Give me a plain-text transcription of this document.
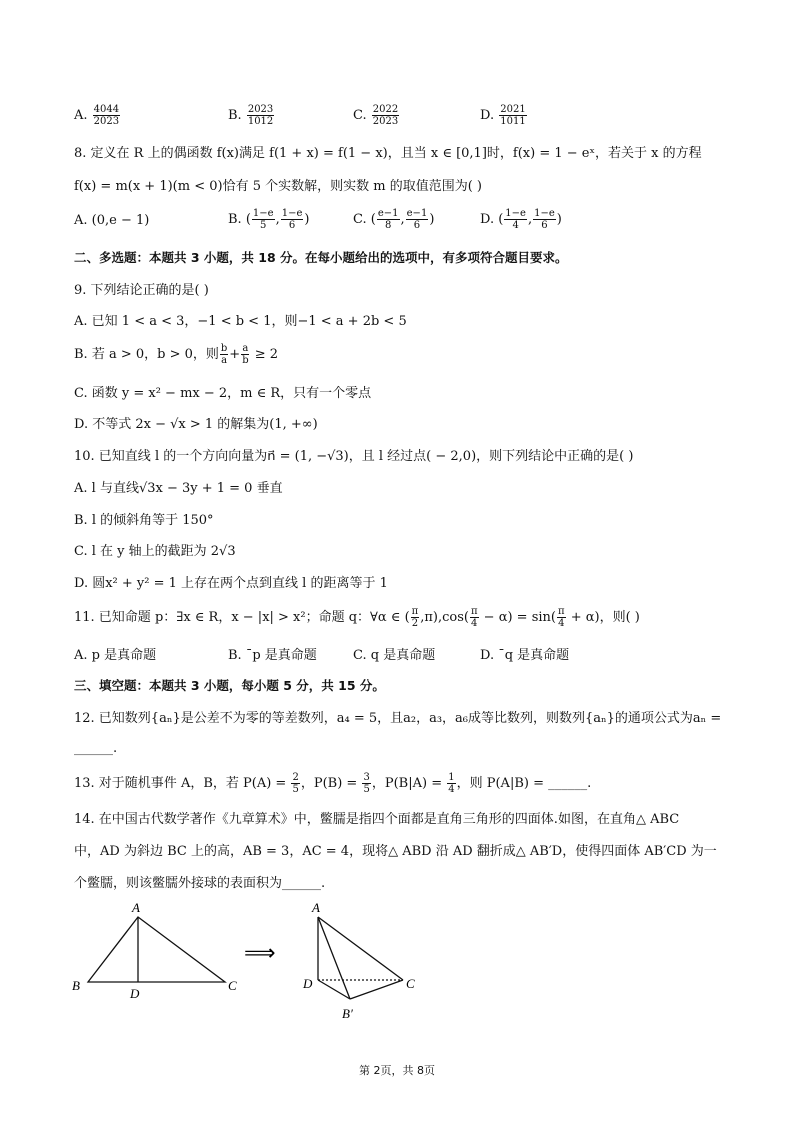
A. $\frac{4044}{2023}$	B. $\frac{2023}{1012}$	C. $\frac{2022}{2023}$	D. $\frac{2021}{1011}$
8. 定义在 R 上的偶函数 f(x)满足 f(1 + x) = f(1 − x)，且当 x ∈ [0,1]时，f(x) = 1 − eˣ，若关于 x 的方程
f(x) = m(x + 1)(m < 0)恰有 5 个实数解，则实数 m 的取值范围为( )
A. (0,e − 1)	B. ( $\frac{1-e}{5}$ , $\frac{1-e}{6}$ )	C. ( $\frac{e-1}{8}$ , $\frac{e-1}{6}$ )	D. ( $\frac{1-e}{4}$ , $\frac{1-e}{6}$ )
二、多选题：本题共 3 小题，共 18 分。在每小题给出的选项中，有多项符合题目要求。
9. 下列结论正确的是( )
A. 已知 1 < a < 3，−1 < b < 1，则−1 < a + 2b < 5
B. 若 a > 0，b > 0，则 $\frac{b}{a} + \frac{a}{b} \ge 2$
C. 函数 y = x² − mx − 2，m ∈ R，只有一个零点
D. 不等式 2x − √x > 1 的解集为(1, +∞)
10. 已知直线 l 的一个方向向量为n⃗ = (1, −√3)，且 l 经过点( − 2,0)，则下列结论中正确的是( )
A. l 与直线√3x − 3y + 1 = 0 垂直
B. l 的倾斜角等于 150°
C. l 在 y 轴上的截距为 2√3
D. 圆x² + y² = 1 上存在两个点到直线 l 的距离等于 1
11. 已知命题 p：∃x ∈ R，x − |x| > x²；命题 q：∀α ∈ ( $\frac{\pi}{2} ,\pi),\cos( \frac{\pi}{4} - \alpha) = \sin( \frac{\pi}{4} + \alpha)$，则( )
A. p 是真命题	B. ¯p 是真命题	C. q 是真命题	D. ¯q 是真命题
三、填空题：本题共 3 小题，每小题 5 分，共 15 分。
12. 已知数列{aₙ}是公差不为零的等差数列，a₄ = 5，且a₂，a₃，a₆成等比数列，则数列{aₙ}的通项公式为aₙ =
______.
13. 对于随机事件 A，B，若 $P(A) = \frac{2}{5}$ ，$P(B) = \frac{3}{5}$ ，$P(B|A) = \frac{1}{4}$ ，则 P(A|B) = ______.
14. 在中国古代数学著作《九章算术》中，鳖臑是指四个面都是直角三角形的四面体.如图，在直角△ ABC
中，AD 为斜边 BC 上的高，AB = 3，AC = 4，现将△ ABD 沿 AD 翻折成△ AB′D，使得四面体 AB′CD 为一
个鳖臑，则该鳖臑外接球的表面积为______.
A
B
D
C
⟹
A
D	C
B′
第 2页，共 8页
